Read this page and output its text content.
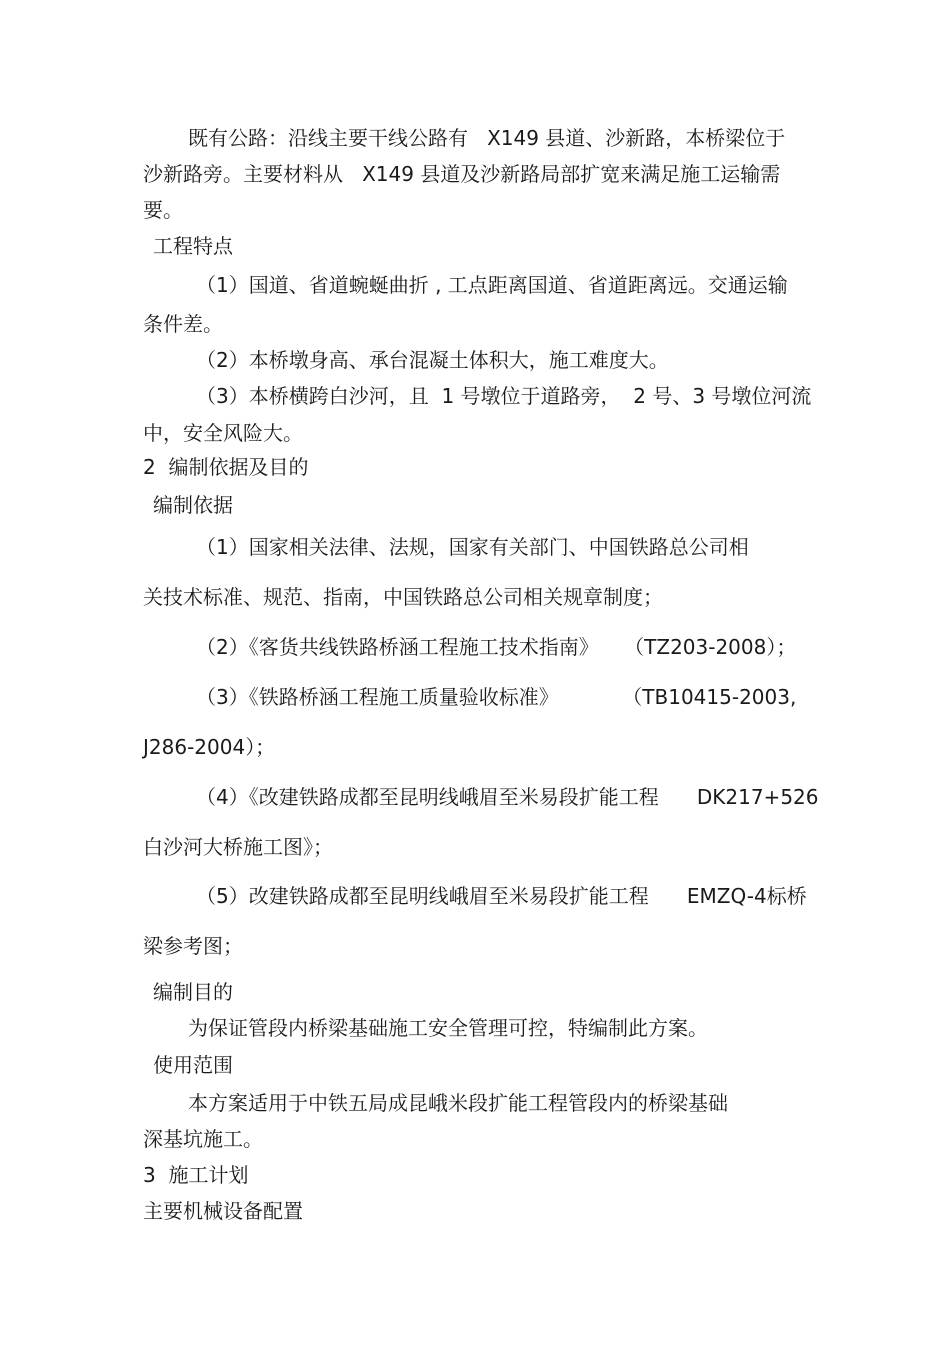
既有公路：沿线主要干线公路有   X149 县道、沙新路，本桥梁位于
沙新路旁。主要材料从   X149 县道及沙新路局部扩宽来满足施工运输需
要。
工程特点
（1）国道、省道蜿蜒曲折 , 工点距离国道、省道距离远。交通运输
条件差。
（2）本桥墩身高、承台混凝土体积大，施工难度大。
（3）本桥横跨白沙河，且  1 号墩位于道路旁，  2 号、3 号墩位河流
中，安全风险大。
2  编制依据及目的
编制依据
（1）国家相关法律、法规，国家有关部门、中国铁路总公司相
关技术标准、规范、指南，中国铁路总公司相关规章制度；
（2）《客货共线铁路桥涵工程施工技术指南》    （TZ203-2008）；
（3）《铁路桥涵工程施工质量验收标准》          （TB10415-2003,
J286-2004）；
（4）《改建铁路成都至昆明线峨眉至米易段扩能工程      DK217+526
白沙河大桥施工图》；
（5）改建铁路成都至昆明线峨眉至米易段扩能工程      EMZQ-4标桥
梁参考图；
编制目的
为保证管段内桥梁基础施工安全管理可控，特编制此方案。
使用范围
本方案适用于中铁五局成昆峨米段扩能工程管段内的桥梁基础
深基坑施工。
3  施工计划
主要机械设备配置
